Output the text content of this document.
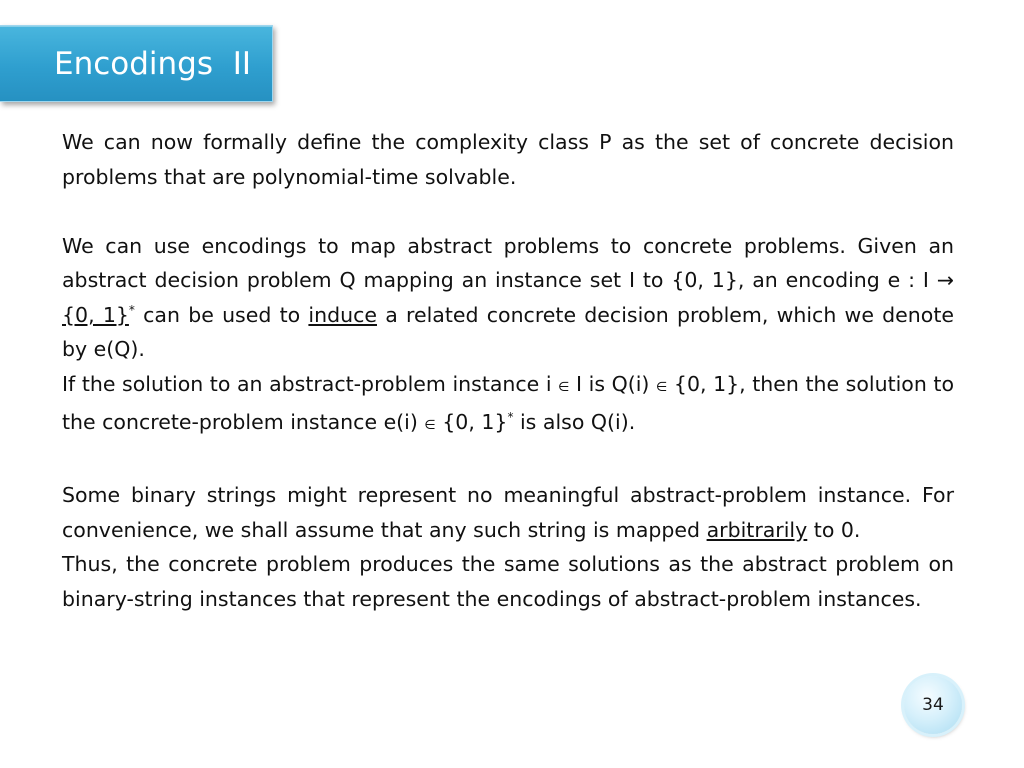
Encodings  II

We can now formally define the complexity class P as the set of concrete decision problems that are polynomial-time solvable.

We can use encodings to map abstract problems to concrete problems. Given an abstract decision problem Q mapping an instance set I to {0, 1}, an encoding e : I → {0, 1}* can be used to induce a related concrete decision problem, which we denote by e(Q).

If the solution to an abstract-problem instance i ∈ I is Q(i) ∈ {0, 1}, then the solution to the concrete-problem instance e(i) ∈ {0, 1}* is also Q(i).

Some binary strings might represent no meaningful abstract-problem instance. For convenience, we shall assume that any such string is mapped arbitrarily to 0.

Thus, the concrete problem produces the same solutions as the abstract problem on binary-string instances that represent the encodings of abstract-problem instances.

34
